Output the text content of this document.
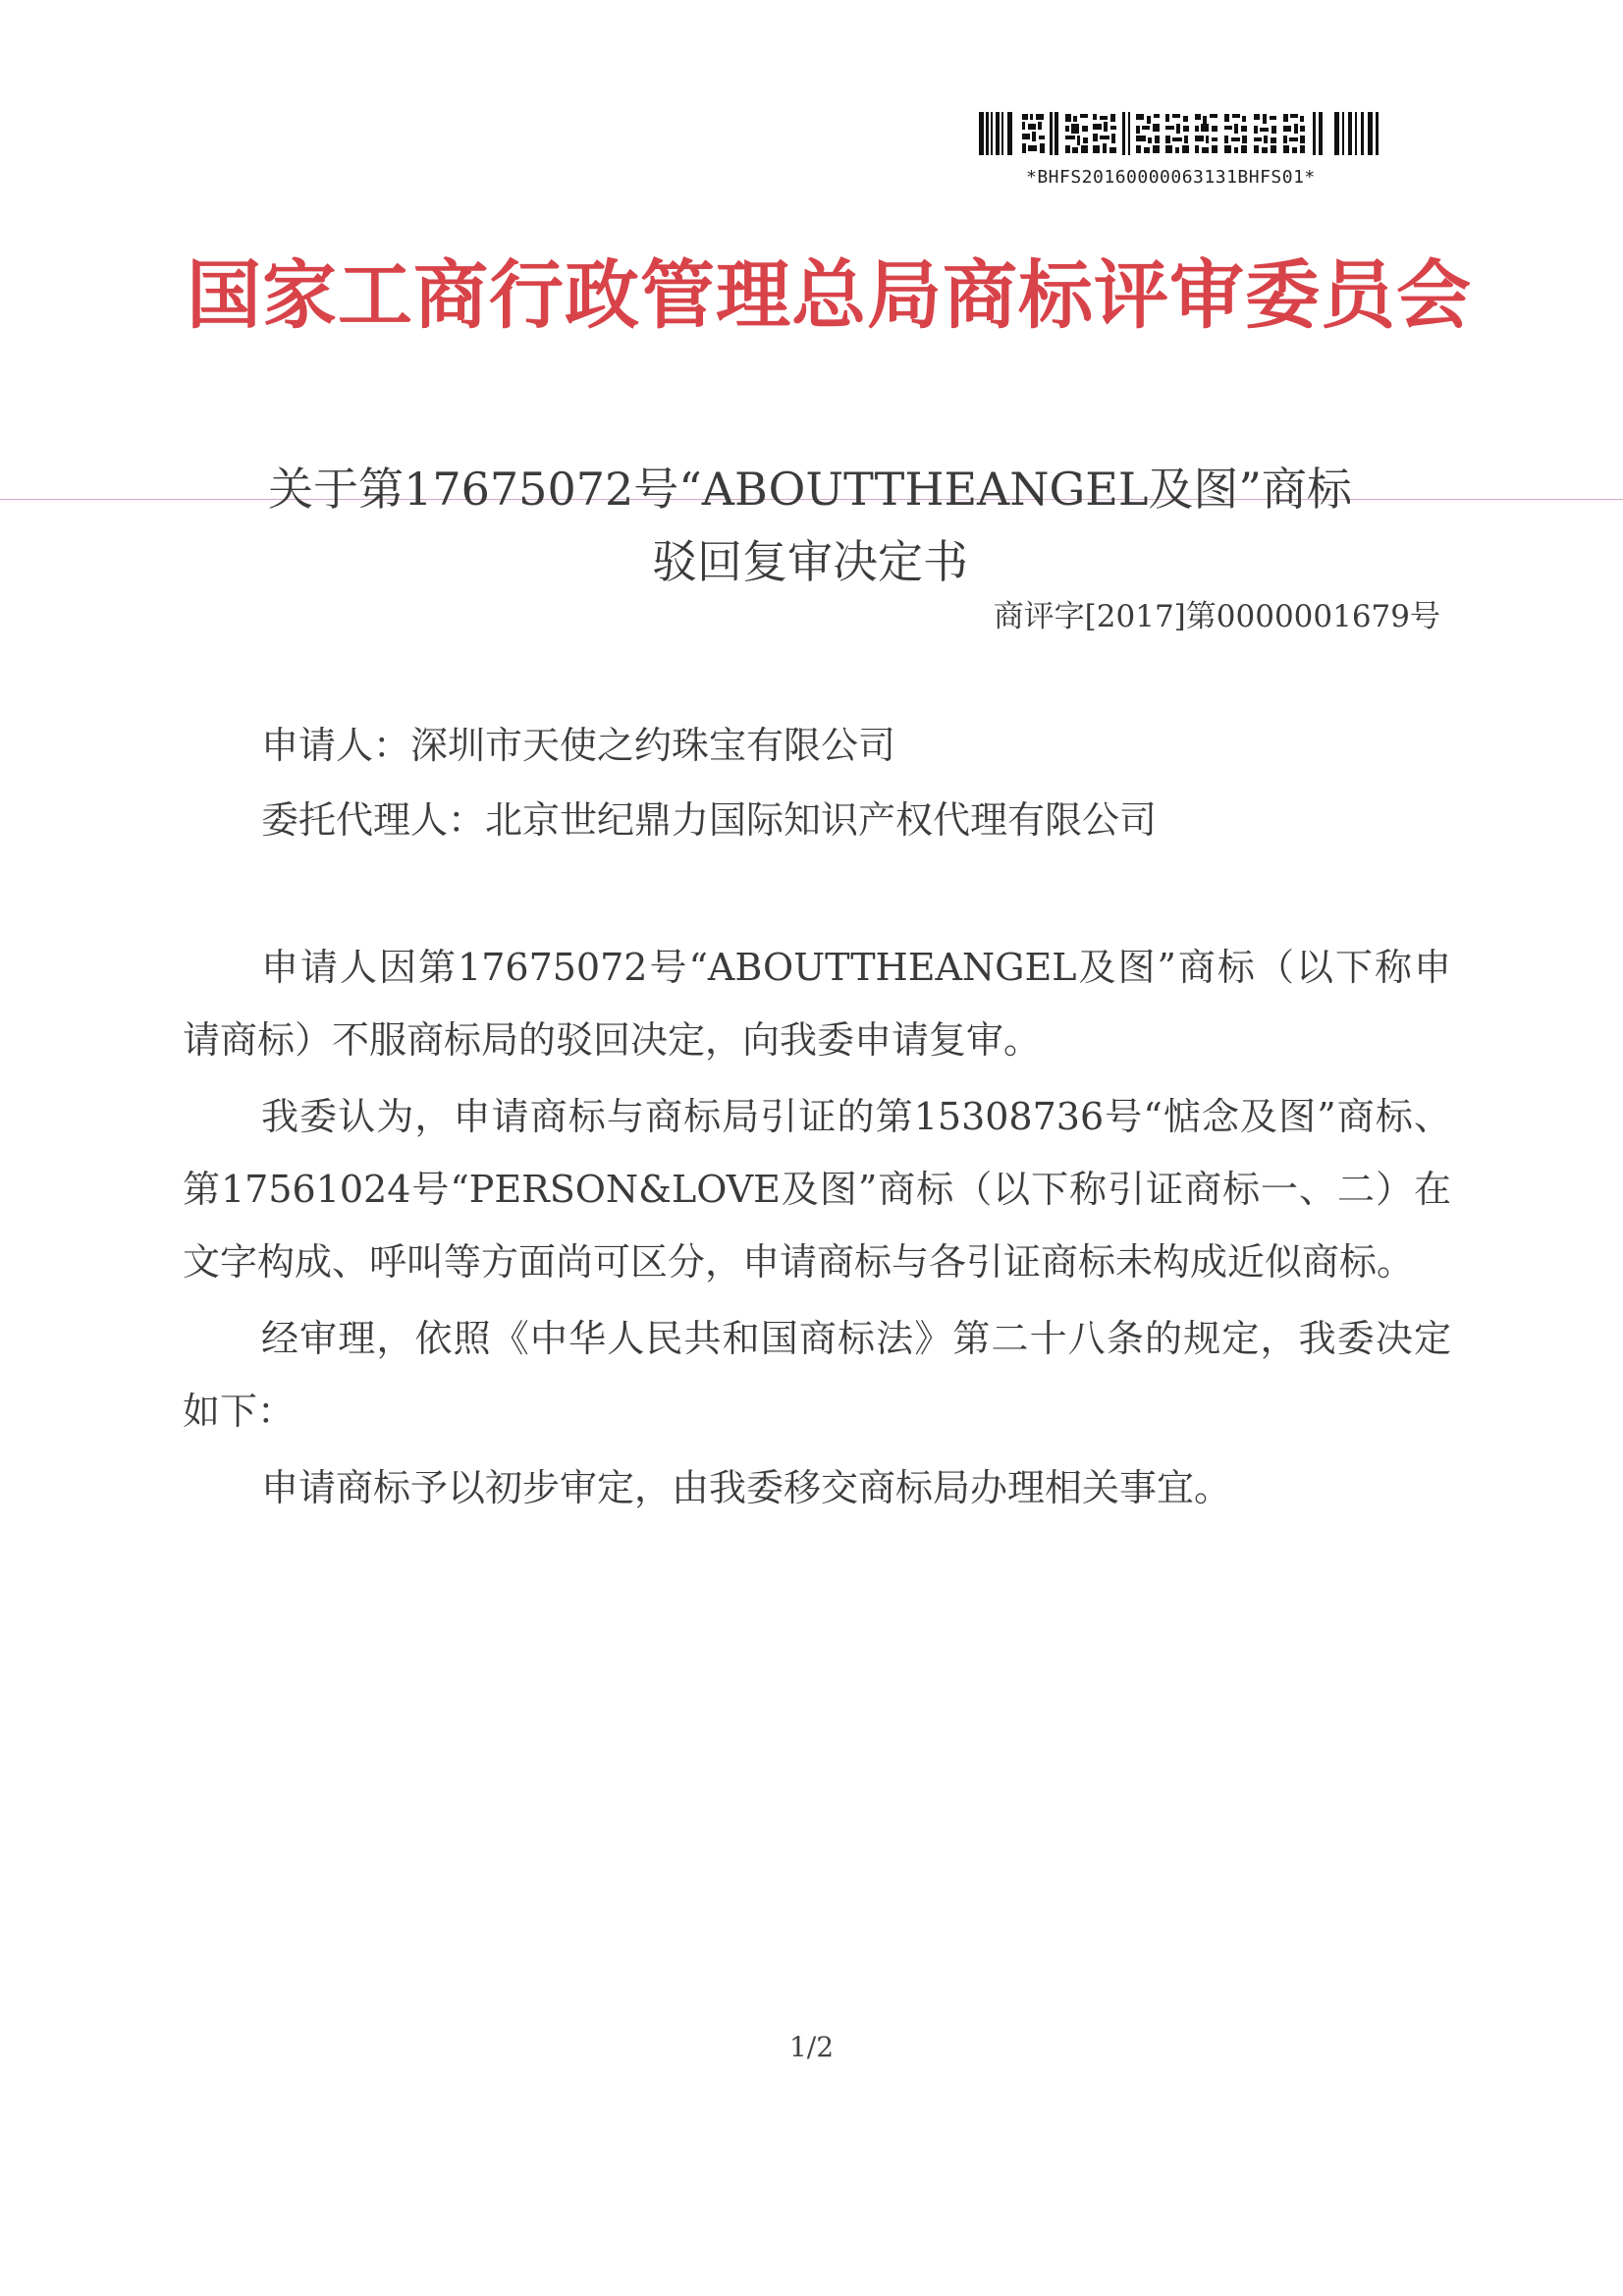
*BHFS20160000063131BHFS01*
国家工商行政管理总局商标评审委员会
关于第17675072号“ABOUTTHEANGEL及图”商标
驳回复审决定书
商评字[2017]第0000001679号
申请人：深圳市天使之约珠宝有限公司
委托代理人：北京世纪鼎力国际知识产权代理有限公司
申请人因第17675072号“ABOUTTHEANGEL及图”商标（以下称申请商标）不服商标局的驳回决定，向我委申请复审。
我委认为，申请商标与商标局引证的第15308736号“惦念及图”商标、第17561024号“PERSON&LOVE及图”商标（以下称引证商标一、二）在文字构成、呼叫等方面尚可区分，申请商标与各引证商标未构成近似商标。
经审理，依照《中华人民共和国商标法》第二十八条的规定，我委决定如下：
申请商标予以初步审定，由我委移交商标局办理相关事宜。
1/2
